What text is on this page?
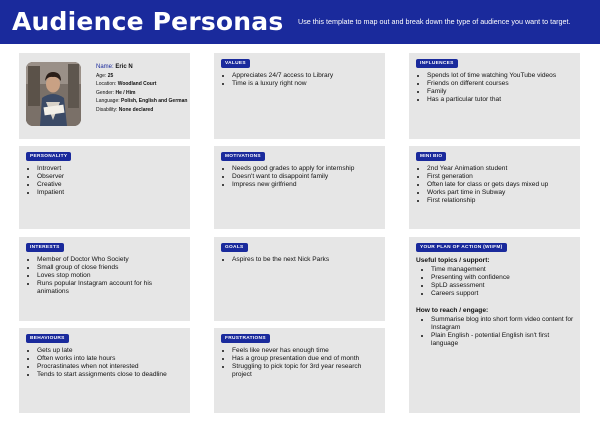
Audience Personas Use this template to map out and break down the type of audience you want to target.
Name: Eric N
Age: 25
Location: Woodland Court
Gender: He / Him
Language: Polish, English and German
Disability: None declared
VALUES
• Appreciates 24/7 access to Library
• Time is a luxury right now
INFLUENCES
• Spends lot of time watching YouTube videos
• Friends on different courses
• Family
• Has a particular tutor that
PERSONALITY
• Introvert
• Observer
• Creative
• Impatient
MOTIVATIONS
• Needs good grades to apply for internship
• Doesn't want to disappoint family
• Impress new girlfriend
MINI BIO
• 2nd Year Animation student
• First generation
• Often late for class or gets days mixed up
• Works part time in Subway
• First relationship
INTERESTS
• Member of Doctor Who Society
• Small group of close friends
• Loves stop motion
• Runs popular Instagram account for his animations
GOALS
• Aspires to be the next Nick Parks
YOUR PLAN OF ACTION (WIIFM)
Useful topics / support:
• Time management
• Presenting with confidence
• SpLD assessment
• Careers support
How to reach / engage:
• Summarise blog into short form video content for Instagram
• Plain English - potential English isn't first language
BEHAVIOURS
• Gets up late
• Often works into late hours
• Procrastinates when not interested
• Tends to start assignments close to deadline
FRUSTRATIONS
• Feels like never has enough time
• Has a group presentation due end of month
• Struggling to pick topic for 3rd year research project
